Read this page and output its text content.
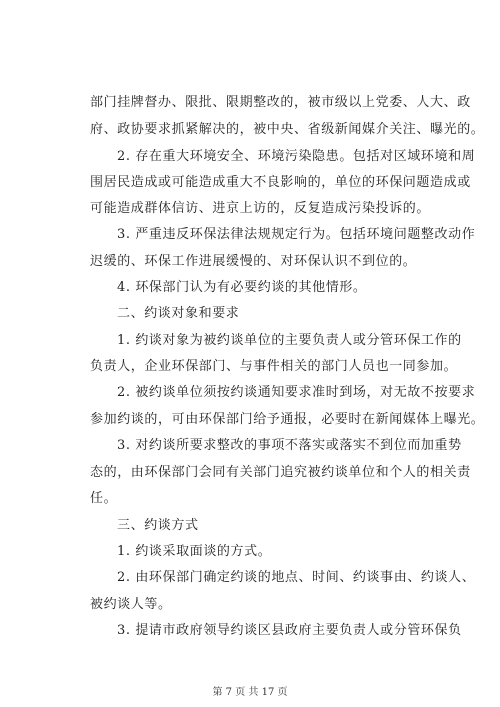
部门挂牌督办、限批、限期整改的，被市级以上党委、人大、政
府、政协要求抓紧解决的，被中央、省级新闻媒介关注、曝光的。
2. 存在重大环境安全、环境污染隐患。包括对区域环境和周
围居民造成或可能造成重大不良影响的，单位的环保问题造成或
可能造成群体信访、进京上访的，反复造成污染投诉的。
3. 严重违反环保法律法规规定行为。包括环境问题整改动作
迟缓的、环保工作进展缓慢的、对环保认识不到位的。
4. 环保部门认为有必要约谈的其他情形。
二、约谈对象和要求
1. 约谈对象为被约谈单位的主要负责人或分管环保工作的
负责人，企业环保部门、与事件相关的部门人员也一同参加。
2. 被约谈单位须按约谈通知要求准时到场，对无故不按要求
参加约谈的，可由环保部门给予通报，必要时在新闻媒体上曝光。
3. 对约谈所要求整改的事项不落实或落实不到位而加重势
态的，由环保部门会同有关部门追究被约谈单位和个人的相关责
任。
三、约谈方式
1. 约谈采取面谈的方式。
2. 由环保部门确定约谈的地点、时间、约谈事由、约谈人、
被约谈人等。
3. 提请市政府领导约谈区县政府主要负责人或分管环保负
第 7 页 共 17 页
